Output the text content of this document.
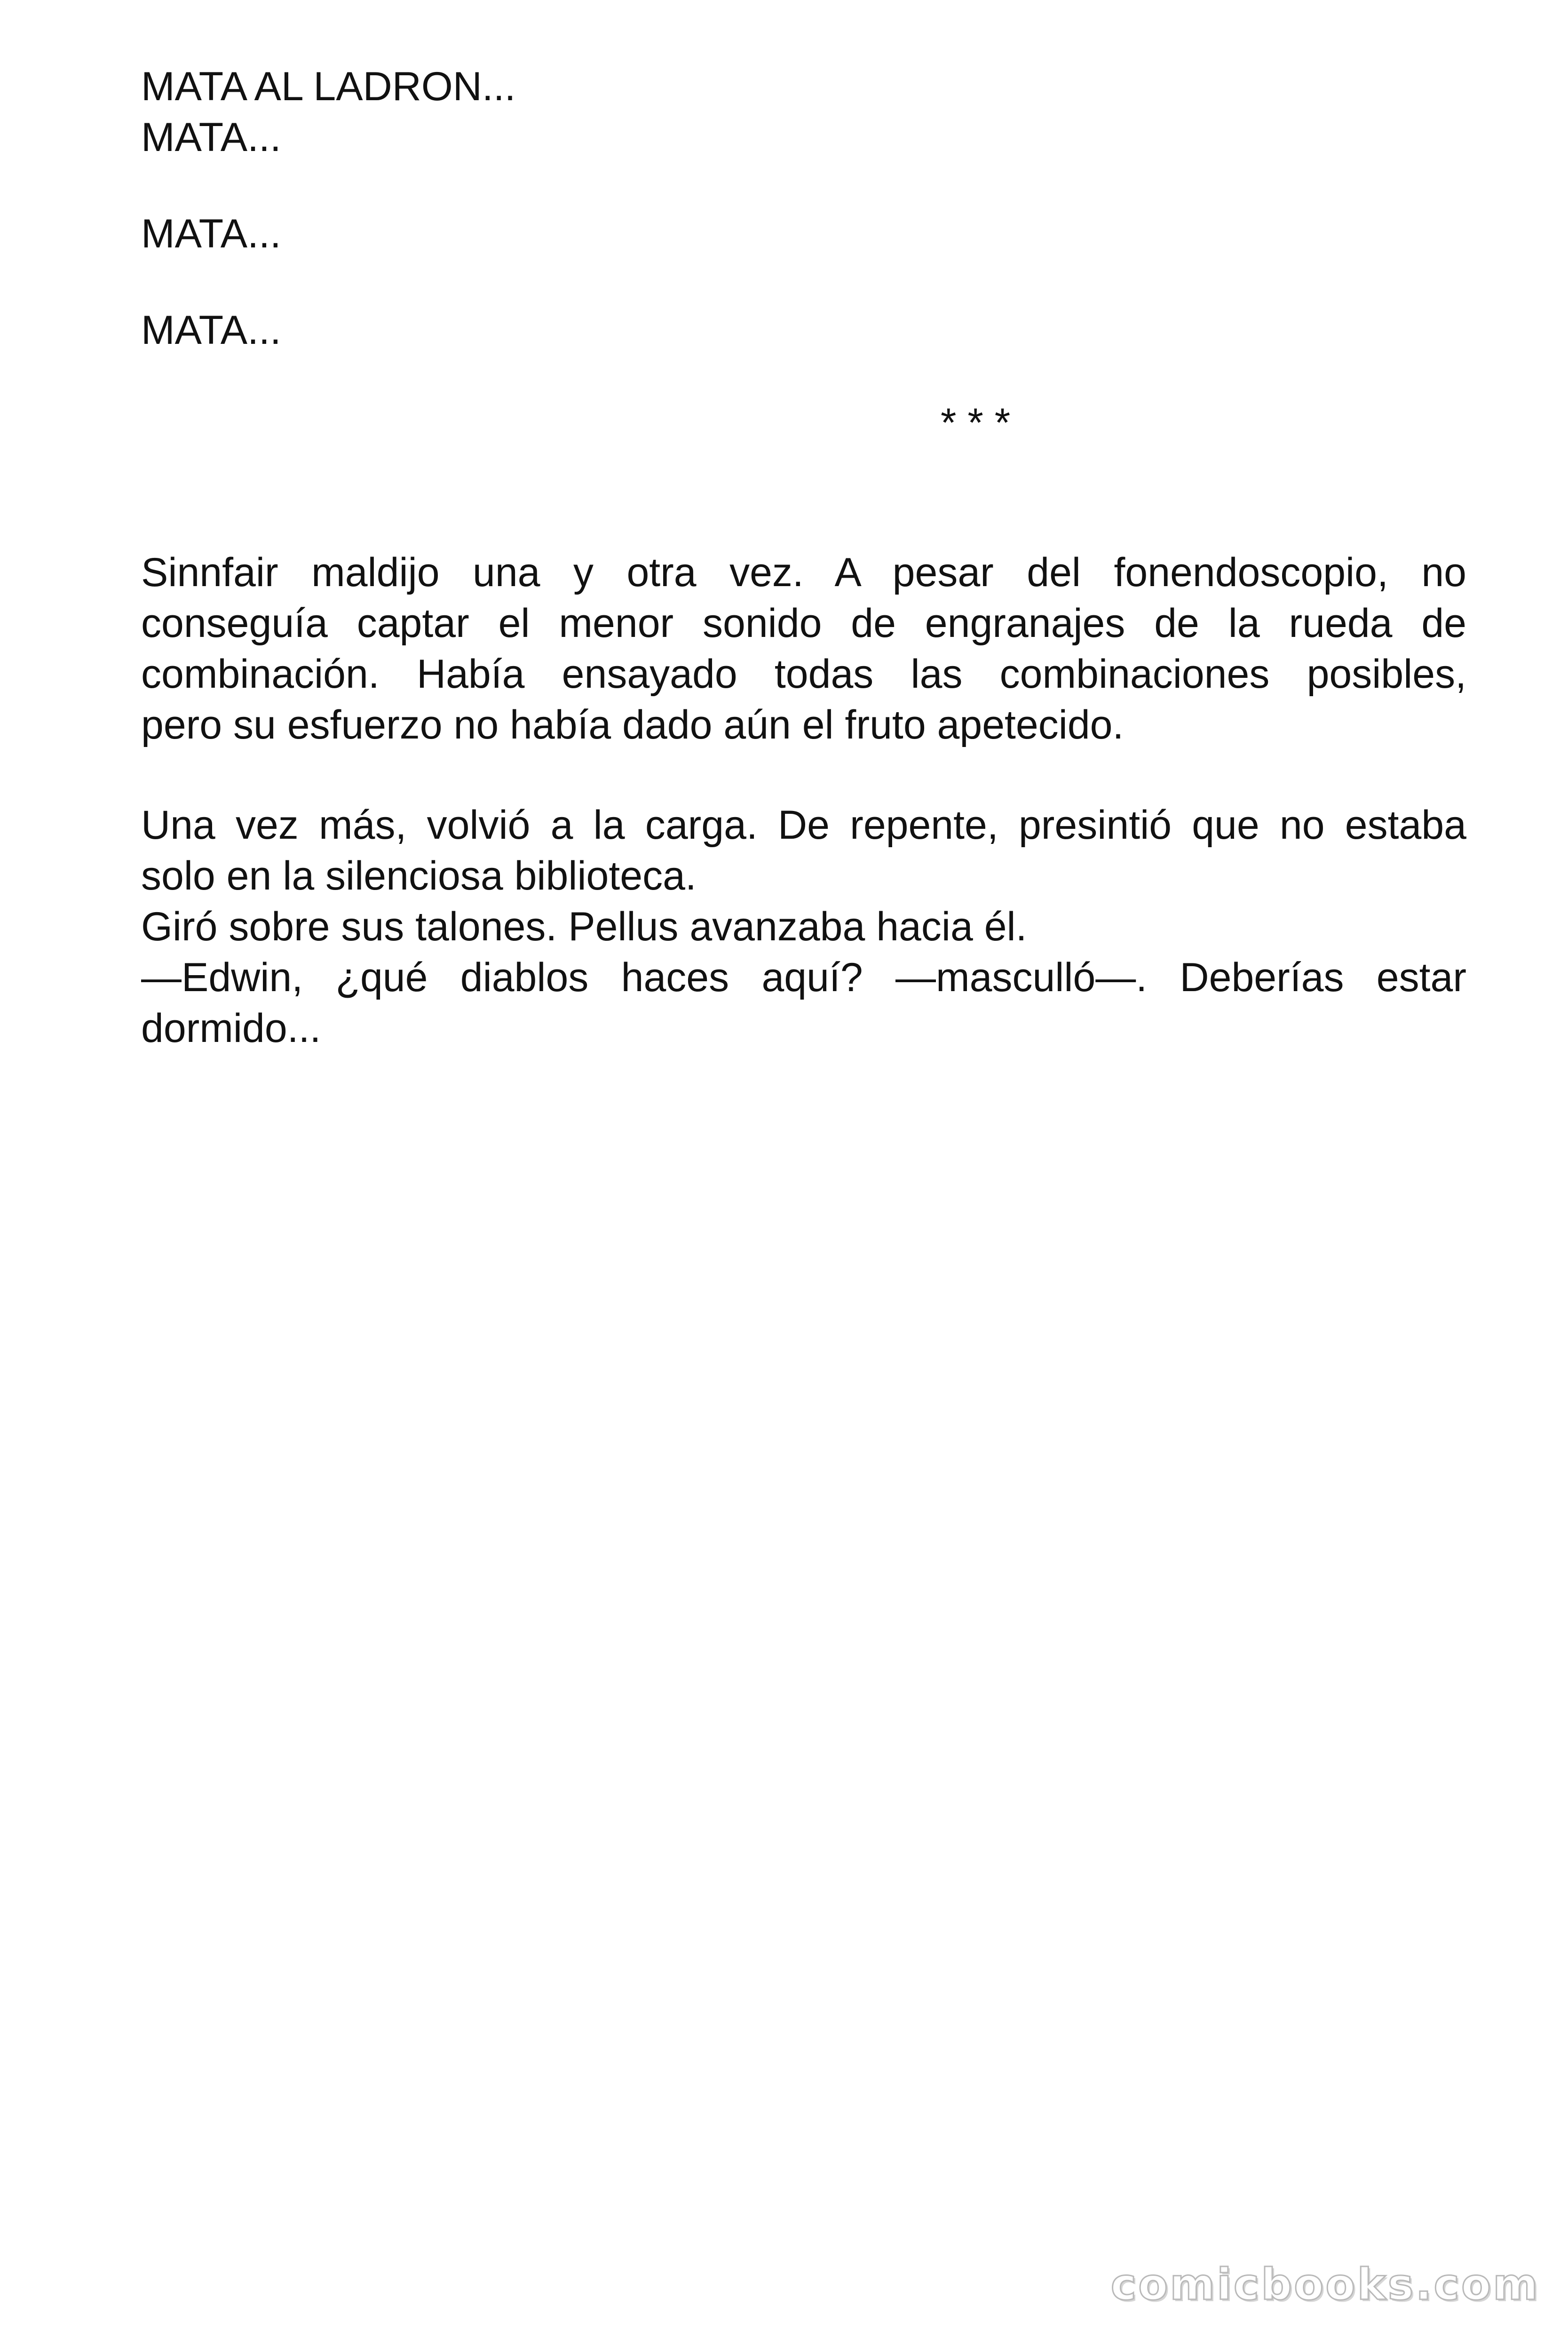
MATA AL LADRON...

MATA...

MATA...

MATA...

* * *

Sinnfair maldijo una y otra vez. A pesar del fonendoscopio, no

conseguía captar el menor sonido de engranajes de la rueda de

combinación. Había ensayado todas las combinaciones posibles,

pero su esfuerzo no había dado aún el fruto apetecido.

Una vez más, volvió a la carga. De repente, presintió que no estaba

solo en la silenciosa biblioteca.

Giró sobre sus talones. Pellus avanzaba hacia él.

—Edwin, ¿qué diablos haces aquí? —masculló—. Deberías estar

dormido...

comicbooks.com
